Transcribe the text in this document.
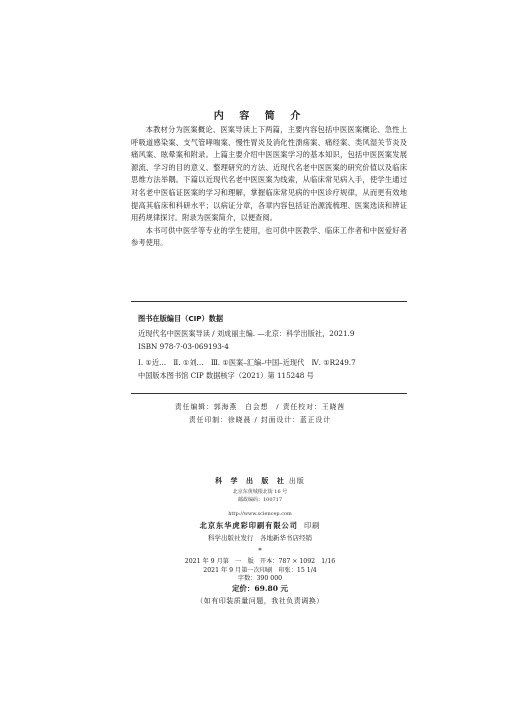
内 容 简 介

本教材分为医案概论、医案导读上下两篇，主要内容包括中医医案概论、急性上呼吸道感染案、支气管哮喘案、慢性胃炎及消化性溃疡案、痛经案、类风湿关节炎及痛风案、眩晕案和附录。上篇主要介绍中医医案学习的基本知识，包括中医医案发展源流、学习的目的意义、整理研究的方法、近现代名老中医医案的研究价值以及临床思维方法举隅。下篇以近现代名老中医医案为线索，从临床常见病入手，使学生通过对名老中医临证医案的学习和理解，掌握临床常见病的中医诊疗规律，从而更有效地提高其临床和科研水平；以病证分章，各章内容包括证治源流梳理、医案选读和辨证用药规律探讨。附录为医案简介，以便查阅。

本书可供中医学等专业的学生使用，也可供中医教学、临床工作者和中医爱好者参考使用。

图书在版编目（CIP）数据
近现代名中医医案导读 / 刘成丽主编. —北京：科学出版社，2021.9
ISBN 978-7-03-069193-4
Ⅰ. ①近…　Ⅱ. ①刘…　Ⅲ. ①医案–汇编–中国–近现代　Ⅳ. ①R249.7
中国版本图书馆 CIP 数据核字（2021）第 115248 号
责任编辑：郭海燕　白会想　/ 责任校对：王晓茜
责任印制：徐晓晨 / 封面设计：蓝正设计
科 学 出 版 社 出版
北京东黄城根北街 16 号
邮政编码：100717
http://www.sciencep.com
北京东华虎彩印刷有限公司 印刷
科学出版社发行　各地新华书店经销
*
2021 年 9 月第　一　版　开本：787 × 1092　1/16
2021 年 9 月第一次印刷　印张：15 1/4
字数：390 000
定价：69.80 元
（如有印装质量问题，我社负责调换）
